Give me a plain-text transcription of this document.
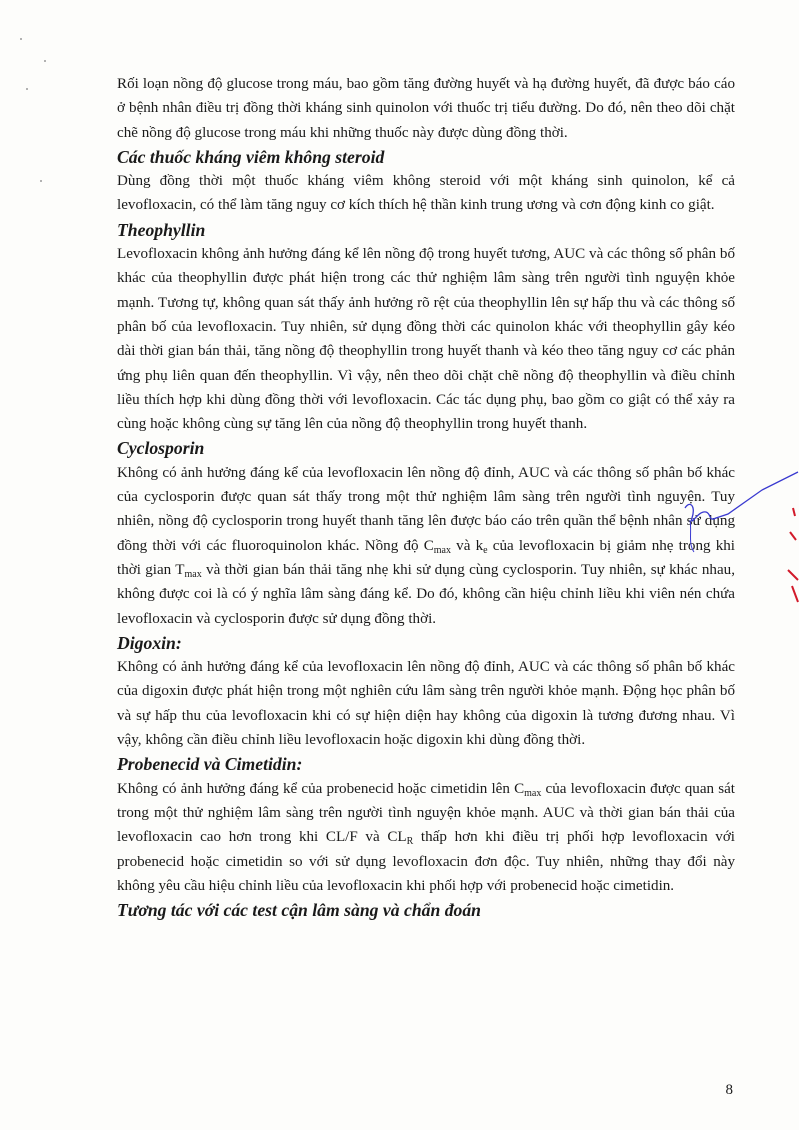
Rối loạn nồng độ glucose trong máu, bao gồm tăng đường huyết và hạ đường huyết, đã được báo cáo ở bệnh nhân điều trị đồng thời kháng sinh quinolon với thuốc trị tiểu đường. Do đó, nên theo dõi chặt chẽ nồng độ glucose trong máu khi những thuốc này được dùng đồng thời.

Các thuốc kháng viêm không steroid

Dùng đồng thời một thuốc kháng viêm không steroid với một kháng sinh quinolon, kể cả levofloxacin, có thể làm tăng nguy cơ kích thích hệ thần kinh trung ương và cơn động kinh co giật.

Theophyllin

Levofloxacin không ảnh hưởng đáng kể lên nồng độ trong huyết tương, AUC và các thông số phân bố khác của theophyllin được phát hiện trong các thử nghiệm lâm sàng trên người tình nguyện khỏe mạnh. Tương tự, không quan sát thấy ảnh hưởng rõ rệt của theophyllin lên sự hấp thu và các thông số phân bố của levofloxacin. Tuy nhiên, sử dụng đồng thời các quinolon khác với theophyllin gây kéo dài thời gian bán thải, tăng nồng độ theophyllin trong huyết thanh và kéo theo tăng nguy cơ các phản ứng phụ liên quan đến theophyllin. Vì vậy, nên theo dõi chặt chẽ nồng độ theophyllin và điều chỉnh liều thích hợp khi dùng đồng thời với levofloxacin. Các tác dụng phụ, bao gồm co giật có thể xảy ra cùng hoặc không cùng sự tăng lên của nồng độ theophyllin trong huyết thanh.

Cyclosporin

Không có ảnh hưởng đáng kể của levofloxacin lên nồng độ đỉnh, AUC và các thông số phân bố khác của cyclosporin được quan sát thấy trong một thử nghiệm lâm sàng trên người tình nguyện. Tuy nhiên, nồng độ cyclosporin trong huyết thanh tăng lên được báo cáo trên quần thể bệnh nhân sử dụng đồng thời với các fluoroquinolon khác. Nồng độ $C_{max}$ và $k_e$ của levofloxacin bị giảm nhẹ trong khi thời gian $T_{max}$ và thời gian bán thải tăng nhẹ khi sử dụng cùng cyclosporin. Tuy nhiên, sự khác nhau, không được coi là có ý nghĩa lâm sàng đáng kể. Do đó, không cần hiệu chỉnh liều khi viên nén chứa levofloxacin và cyclosporin được sử dụng đồng thời.

Digoxin:

Không có ảnh hưởng đáng kể của levofloxacin lên nồng độ đỉnh, AUC và các thông số phân bố khác của digoxin được phát hiện trong một nghiên cứu lâm sàng trên người khỏe mạnh. Động học phân bố và sự hấp thu của levofloxacin khi có sự hiện diện hay không của digoxin là tương đương nhau. Vì vậy, không cần điều chỉnh liều levofloxacin hoặc digoxin khi dùng đồng thời.

Probenecid và Cimetidin:

Không có ảnh hưởng đáng kể của probenecid hoặc cimetidin lên $C_{max}$ của levofloxacin được quan sát trong một thử nghiệm lâm sàng trên người tình nguyện khỏe mạnh. AUC và thời gian bán thải của levofloxacin cao hơn trong khi CL/F và $CL_R$ thấp hơn khi điều trị phối hợp levofloxacin với probenecid hoặc cimetidin so với sử dụng levofloxacin đơn độc. Tuy nhiên, những thay đổi này không yêu cầu hiệu chỉnh liều của levofloxacin khi phối hợp với probenecid hoặc cimetidin.

Tương tác với các test cận lâm sàng và chẩn đoán
8
